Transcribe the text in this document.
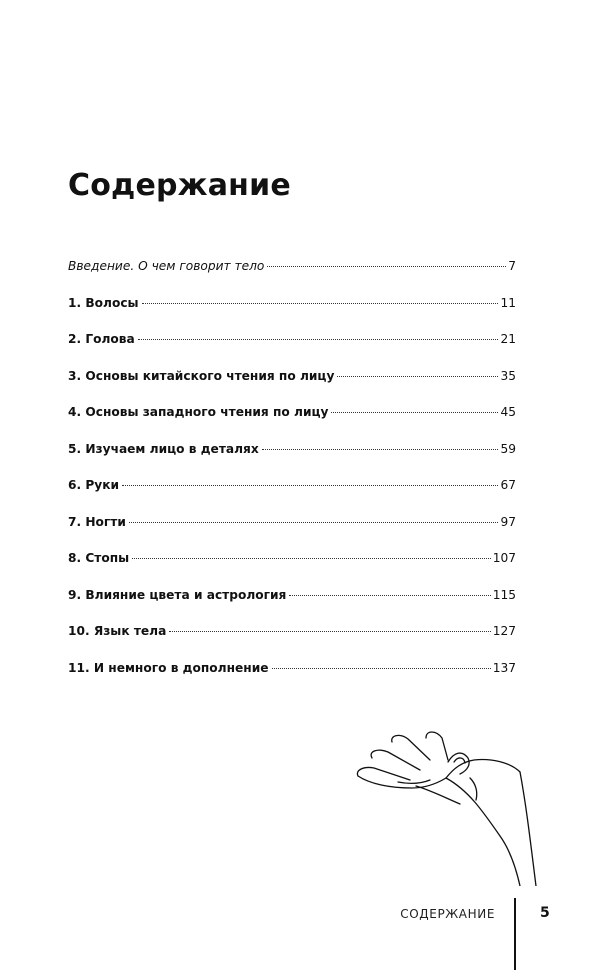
Содержание
Введение. О чем говорит тело	7
1. Волосы	11
2. Голова	21
3. Основы китайского чтения по лицу	35
4. Основы западного чтения по лицу	45
5. Изучаем лицо в деталях	59
6. Руки	67
7. Ногти	97
8. Стопы	107
9. Влияние цвета и астрология	115
10. Язык тела	127
11. И немного в дополнение	137
СОДЕРЖАНИЕ	5
